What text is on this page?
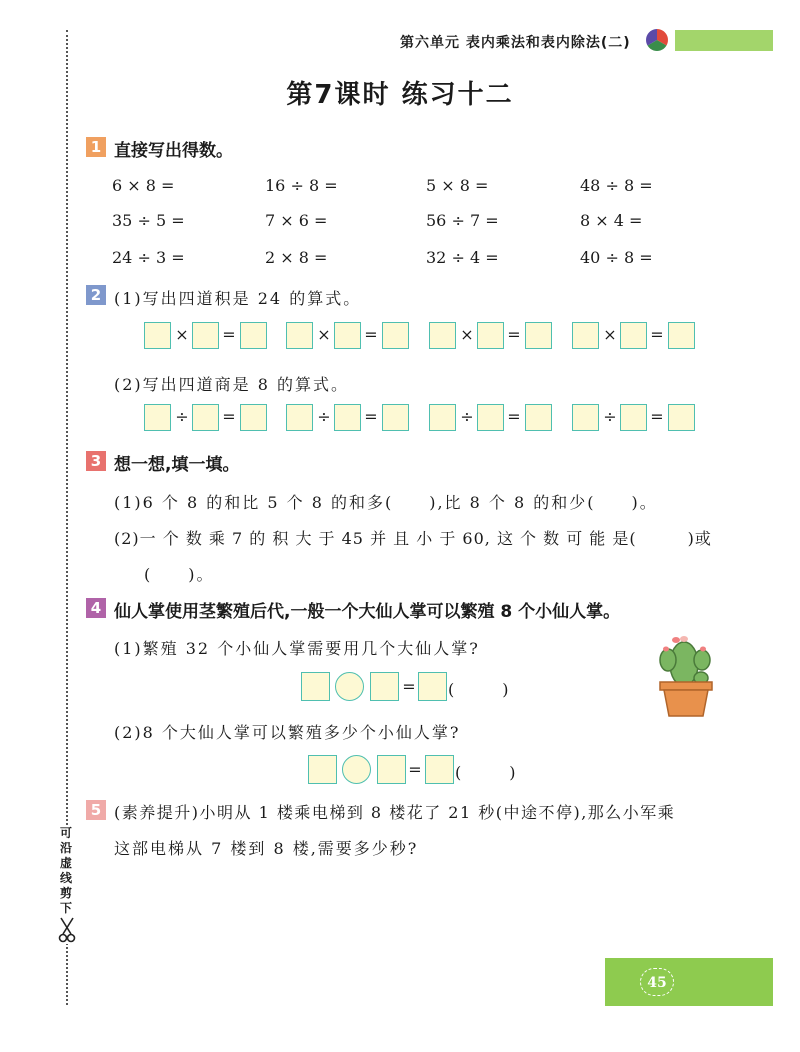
可沿虚线剪下
第六单元 表内乘法和表内除法(二)
第7课时 练习十二
1 直接写出得数。
6 × 8 =	16 ÷ 8 =	5 × 8 =	48 ÷ 8 =
35 ÷ 5 =	7 × 6 =	56 ÷ 7 =	8 × 4 =
24 ÷ 3 =	2 × 8 =	32 ÷ 4 =	40 ÷ 8 =
2 (1)写出四道积是 24 的算式。
× =	× =	× =	× =
(2)写出四道商是 8 的算式。
÷ =	÷ =	÷ =	÷ =
3 想一想,填一填。
(1)6 个 8 的和比 5 个 8 的和多(　　),比 8 个 8 的和少(　　)。
(2)一 个 数 乘 7 的 积 大 于 45 并 且 小 于 60, 这 个 数 可 能 是(　　　)或
(　　)。
4 仙人掌使用茎繁殖后代,一般一个大仙人掌可以繁殖 8 个小仙人掌。
(1)繁殖 32 个小仙人掌需要用几个大仙人掌?
= (　　　)
(2)8 个大仙人掌可以繁殖多少个小仙人掌?
= (　　　)
5 (素养提升)小明从 1 楼乘电梯到 8 楼花了 21 秒(中途不停),那么小军乘
这部电梯从 7 楼到 8 楼,需要多少秒?
45
